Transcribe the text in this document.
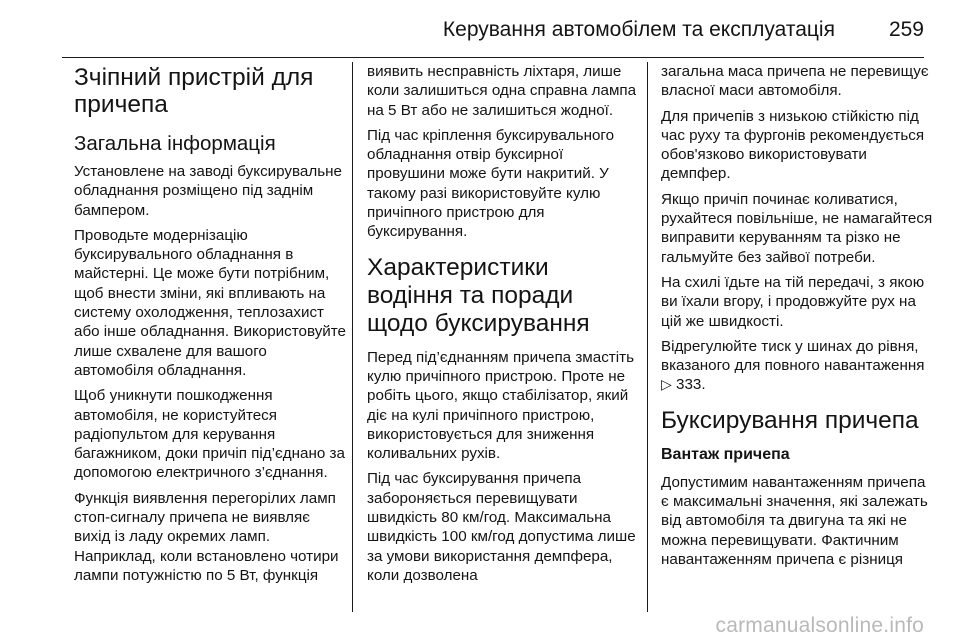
Керування автомобілем та експлуатація	259
Зчіпний пристрій для причепа
Загальна інформація

Установлене на заводі буксирувальне обладнання розміщено під заднім бампером.

Проводьте модернізацію буксирувального обладнання в майстерні. Це може бути потрібним, щоб внести зміни, які впливають на систему охолодження, теплозахист або інше обладнання. Використовуйте лише схвалене для вашого автомобіля обладнання.

Щоб уникнути пошкодження автомобіля, не користуйтеся радіопультом для керування багажником, доки причіп під’єднано за допомогою електричного з’єднання.

Функція виявлення перегорілих ламп стоп-сигналу причепа не виявляє вихід із ладу окремих ламп. Наприклад, коли встановлено чотири лампи потужністю по 5 Вт, функція

виявить несправність ліхтаря, лише коли залишиться одна справна лампа на 5 Вт або не залишиться жодної.

Під час кріплення буксирувального обладнання отвір буксирної провушини може бути накритий. У такому разі використовуйте кулю причіпного пристрою для буксирування.

Характеристики водіння та поради щодо буксирування

Перед під’єднанням причепа змастіть кулю причіпного пристрою. Проте не робіть цього, якщо стабілізатор, який діє на кулі причіпного пристрою, використовується для зниження коливальних рухів.

Під час буксирування причепа забороняється перевищувати швидкість 80 км/год. Максимальна швидкість 100 км/год допустима лише за умови використання демпфера, коли дозволена

загальна маса причепа не перевищує власної маси автомобіля.

Для причепів з низькою стійкістю під час руху та фургонів рекомендується обов'язково використовувати демпфер.

Якщо причіп починає коливатися, рухайтеся повільніше, не намагайтеся виправити керуванням та різко не гальмуйте без зайвої потреби.

На схилі їдьте на тій передачі, з якою ви їхали вгору, і продовжуйте рух на цій же швидкості.

Відрегулюйте тиск у шинах до рівня, вказаного для повного навантаження ▷ 333.

Буксирування причепа
Вантаж причепа

Допустимим навантаженням причепа є максимальні значення, які залежать від автомобіля та двигуна та які не можна перевищувати. Фактичним навантаженням причепа є різниця

carmanualsonline.info
